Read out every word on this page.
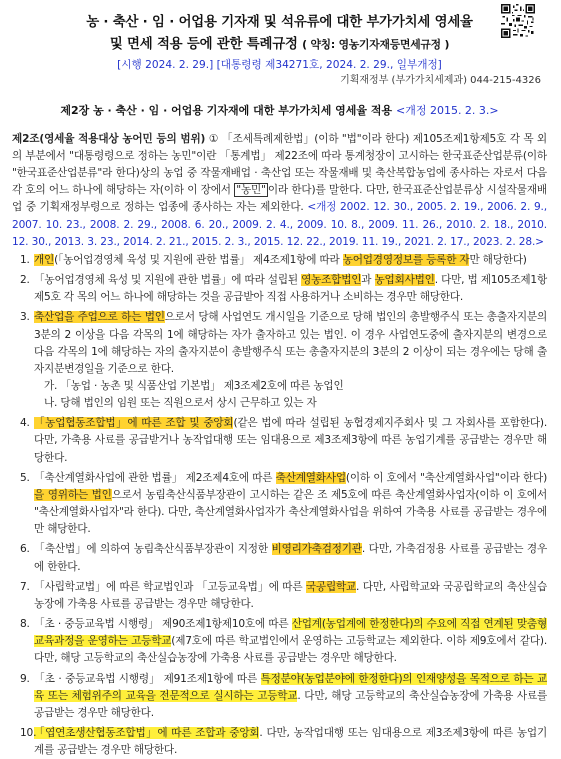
농 · 축산 · 임 · 어업용 기자재 및 석유류에 대한 부가가치세 영세율
및 면세 적용 등에 관한 특례규정 ( 약칭: 영농기자재등면세규정 )
[시행 2024. 2. 29.] [대통령령 제34271호, 2024. 2. 29., 일부개정]
기획재정부 (부가가치세제과) 044-215-4326
제2장 농 · 축산 · 임 · 어업용 기자재에 대한 부가가치세 영세율 적용 <개정 2015. 2. 3.>
제2조(영세율 적용대상 농어민 등의 범위) ① 「조세특례제한법」(이하 "법"이라 한다) 제105조제1항제5호 각 목 외의 부분에서 "대통령령으로 정하는 농민"이란 「통계법」 제22조에 따라 통계청장이 고시하는 한국표준산업분류(이하 "한국표준산업분류"라 한다)상의 농업 중 작물재배업 · 축산업 또는 작물재배 및 축산복합농업에 종사하는 자로서 다음 각 호의 어느 하나에 해당하는 자(이하 이 장에서 "농민" 이라 한다)를 말한다. 다만, 한국표준산업분류상 시설작물재배업 중 기획재정부령으로 정하는 업종에 종사하는 자는 제외한다. <개정 2002. 12. 30., 2005. 2. 19., 2006. 2. 9., 2007. 10. 23., 2008. 2. 29., 2008. 6. 20., 2009. 2. 4., 2009. 10. 8., 2009. 11. 26., 2010. 2. 18., 2010. 12. 30., 2013. 3. 23., 2014. 2. 21., 2015. 2. 3., 2015. 12. 22., 2019. 11. 19., 2021. 2. 17., 2023. 2. 28.>
1. 개인(「농어업경영체 육성 및 지원에 관한 법률」 제4조제1항에 따라 농어업경영정보를 등록한 자만 해당한다)
2. 「농어업경영체 육성 및 지원에 관한 법률」에 따라 설립된 영농조합법인과 농업회사법인. 다만, 법 제105조제1항제5호 각 목의 어느 하나에 해당하는 것을 공급받아 직접 사용하거나 소비하는 경우만 해당한다.
3. 축산업을 주업으로 하는 법인으로서 당해 사업연도 개시일을 기준으로 당해 법인의 총발행주식 또는 총출자지분의 3분의 2 이상을 다음 각목의 1에 해당하는 자가 출자하고 있는 법인. 이 경우 사업연도중에 출자지분의 변경으로 다음 각목의 1에 해당하는 자의 출자지분이 총발행주식 또는 총출자지분의 3분의 2 이상이 되는 경우에는 당해 출자지분변경일을 기준으로 한다.
가. 「농업 · 농촌 및 식품산업 기본법」 제3조제2호에 따른 농업인
나. 당해 법인의 임원 또는 직원으로서 상시 근무하고 있는 자
4. 「농업협동조합법」에 따른 조합 및 중앙회(같은 법에 따라 설립된 농협경제지주회사 및 그 자회사를 포함한다). 다만, 가축용 사료를 공급받거나 농작업대행 또는 임대용으로 제3조제3항에 따른 농업기계를 공급받는 경우만 해당한다.
5. 「축산계열화사업에 관한 법률」 제2조제4호에 따른 축산계열화사업(이하 이 호에서 "축산계열화사업"이라 한다)을 영위하는 법인으로서 농림축산식품부장관이 고시하는 같은 조 제5호에 따른 축산계열화사업자(이하 이 호에서 "축산계열화사업자"라 한다). 다만, 축산계열화사업자가 축산계열화사업을 위하여 가축용 사료를 공급받는 경우에만 해당한다.
6. 「축산법」에 의하여 농림축산식품부장관이 지정한 비영리가축검정기관. 다만, 가축검정용 사료를 공급받는 경우에 한한다.
7. 「사립학교법」에 따른 학교법인과 「고등교육법」에 따른 국공립학교. 다만, 사립학교와 국공립학교의 축산실습농장에 가축용 사료를 공급받는 경우만 해당한다.
8. 「초 · 중등교육법 시행령」 제90조제1항제10호에 따른 산업계(농업계에 한정한다)의 수요에 직접 연계된 맞춤형 교육과정을 운영하는 고등학교(제7호에 따른 학교법인에서 운영하는 고등학교는 제외한다. 이하 제9호에서 같다). 다만, 해당 고등학교의 축산실습농장에 가축용 사료를 공급받는 경우만 해당한다.
9. 「초 · 중등교육법 시행령」 제91조제1항에 따른 특정분야(농업분야에 한정한다)의 인재양성을 목적으로 하는 교육 또는 체험위주의 교육을 전문적으로 실시하는 고등학교. 다만, 해당 고등학교의 축산실습농장에 가축용 사료를 공급받는 경우만 해당한다.
10.
「엽연초생산협동조합법」에 따른 조합과 중앙회. 다만, 농작업대행 또는 임대용으로 제3조제3항에 따른 농업기계를 공급받는 경우만 해당한다.
